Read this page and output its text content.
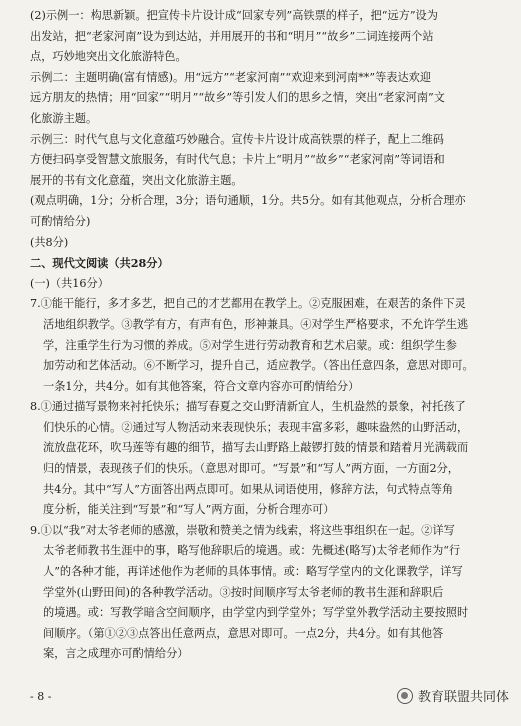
(2)示例一：构思新颖。把宣传卡片设计成“回家专列”高铁票的样子，把“远方”设为

出发站，把“老家河南”设为到达站，并用展开的书和“明月”“故乡”二词连接两个站

点，巧妙地突出文化旅游特色。

示例二：主题明确(富有情感)。用“远方”“老家河南”“欢迎来到河南**”等表达欢迎

远方朋友的热情；用“回家”“明月”“故乡”等引发人们的思乡之情，突出“老家河南”文

化旅游主题。

示例三：时代气息与文化意蕴巧妙融合。宣传卡片设计成高铁票的样子，配上二维码

方便扫码享受智慧文旅服务，有时代气息；卡片上“明月”“故乡”“老家河南”等词语和

展开的书有文化意蕴，突出文化旅游主题。

(观点明确，1分；分析合理，3分；语句通顺，1分。共5分。如有其他观点，分析合理亦

可酌情给分)

(共8分)

二、现代文阅读（共28分）

(一)（共16分）

7.①能干能行，多才多艺，把自己的才艺都用在教学上。②克服困难，在艰苦的条件下灵

活地组织教学。③教学有方，有声有色，形神兼具。④对学生严格要求，不允许学生逃

学，注重学生行为习惯的养成。⑤对学生进行劳动教育和艺术启蒙。或：组织学生参

加劳动和艺体活动。⑥不断学习，提升自己，适应教学。（答出任意四条，意思对即可。

一条1分，共4分。如有其他答案，符合文章内容亦可酌情给分）

8.①通过描写景物来衬托快乐；描写春夏之交山野清新宜人，生机盎然的景象，衬托孩了

们快乐的心情。②通过写人物活动来表现快乐；表现丰富多彩，趣味盎然的山野活动，

流放盘花环，吹马莲等有趣的细节，描写去山野路上敲锣打鼓的情景和踏着月光满载而

归的情景，表现孩子们的快乐。（意思对即可。“写景”和“写人”两方面，一方面2分，

共4分。其中“写人”方面答出两点即可。如果从词语使用，修辞方法，句式特点等角

度分析，能关注到“写景”和“写人”两方面，分析合理亦可）

9.①以“我”对太爷老师的感激，崇敬和赞美之情为线索，将这些事组织在一起。②详写

太爷老师教书生涯中的事，略写他辞职后的境遇。或：先概述(略写)太爷老师作为“行

人”的各种才能，再详述他作为老师的具体事情。或：略写学堂内的文化课教学，详写

学堂外(山野田间)的各种教学活动。③按时间顺序写太爷老师的教书生涯和辞职后

的境遇。或：写教学暗含空间顺序，由学堂内到学堂外；写学堂外教学活动主要按照时

间顺序。（第①②③点答出任意两点，意思对即可。一点2分，共4分。如有其他答

案，言之成理亦可酌情给分）

- 8 -	教育联盟共同体
